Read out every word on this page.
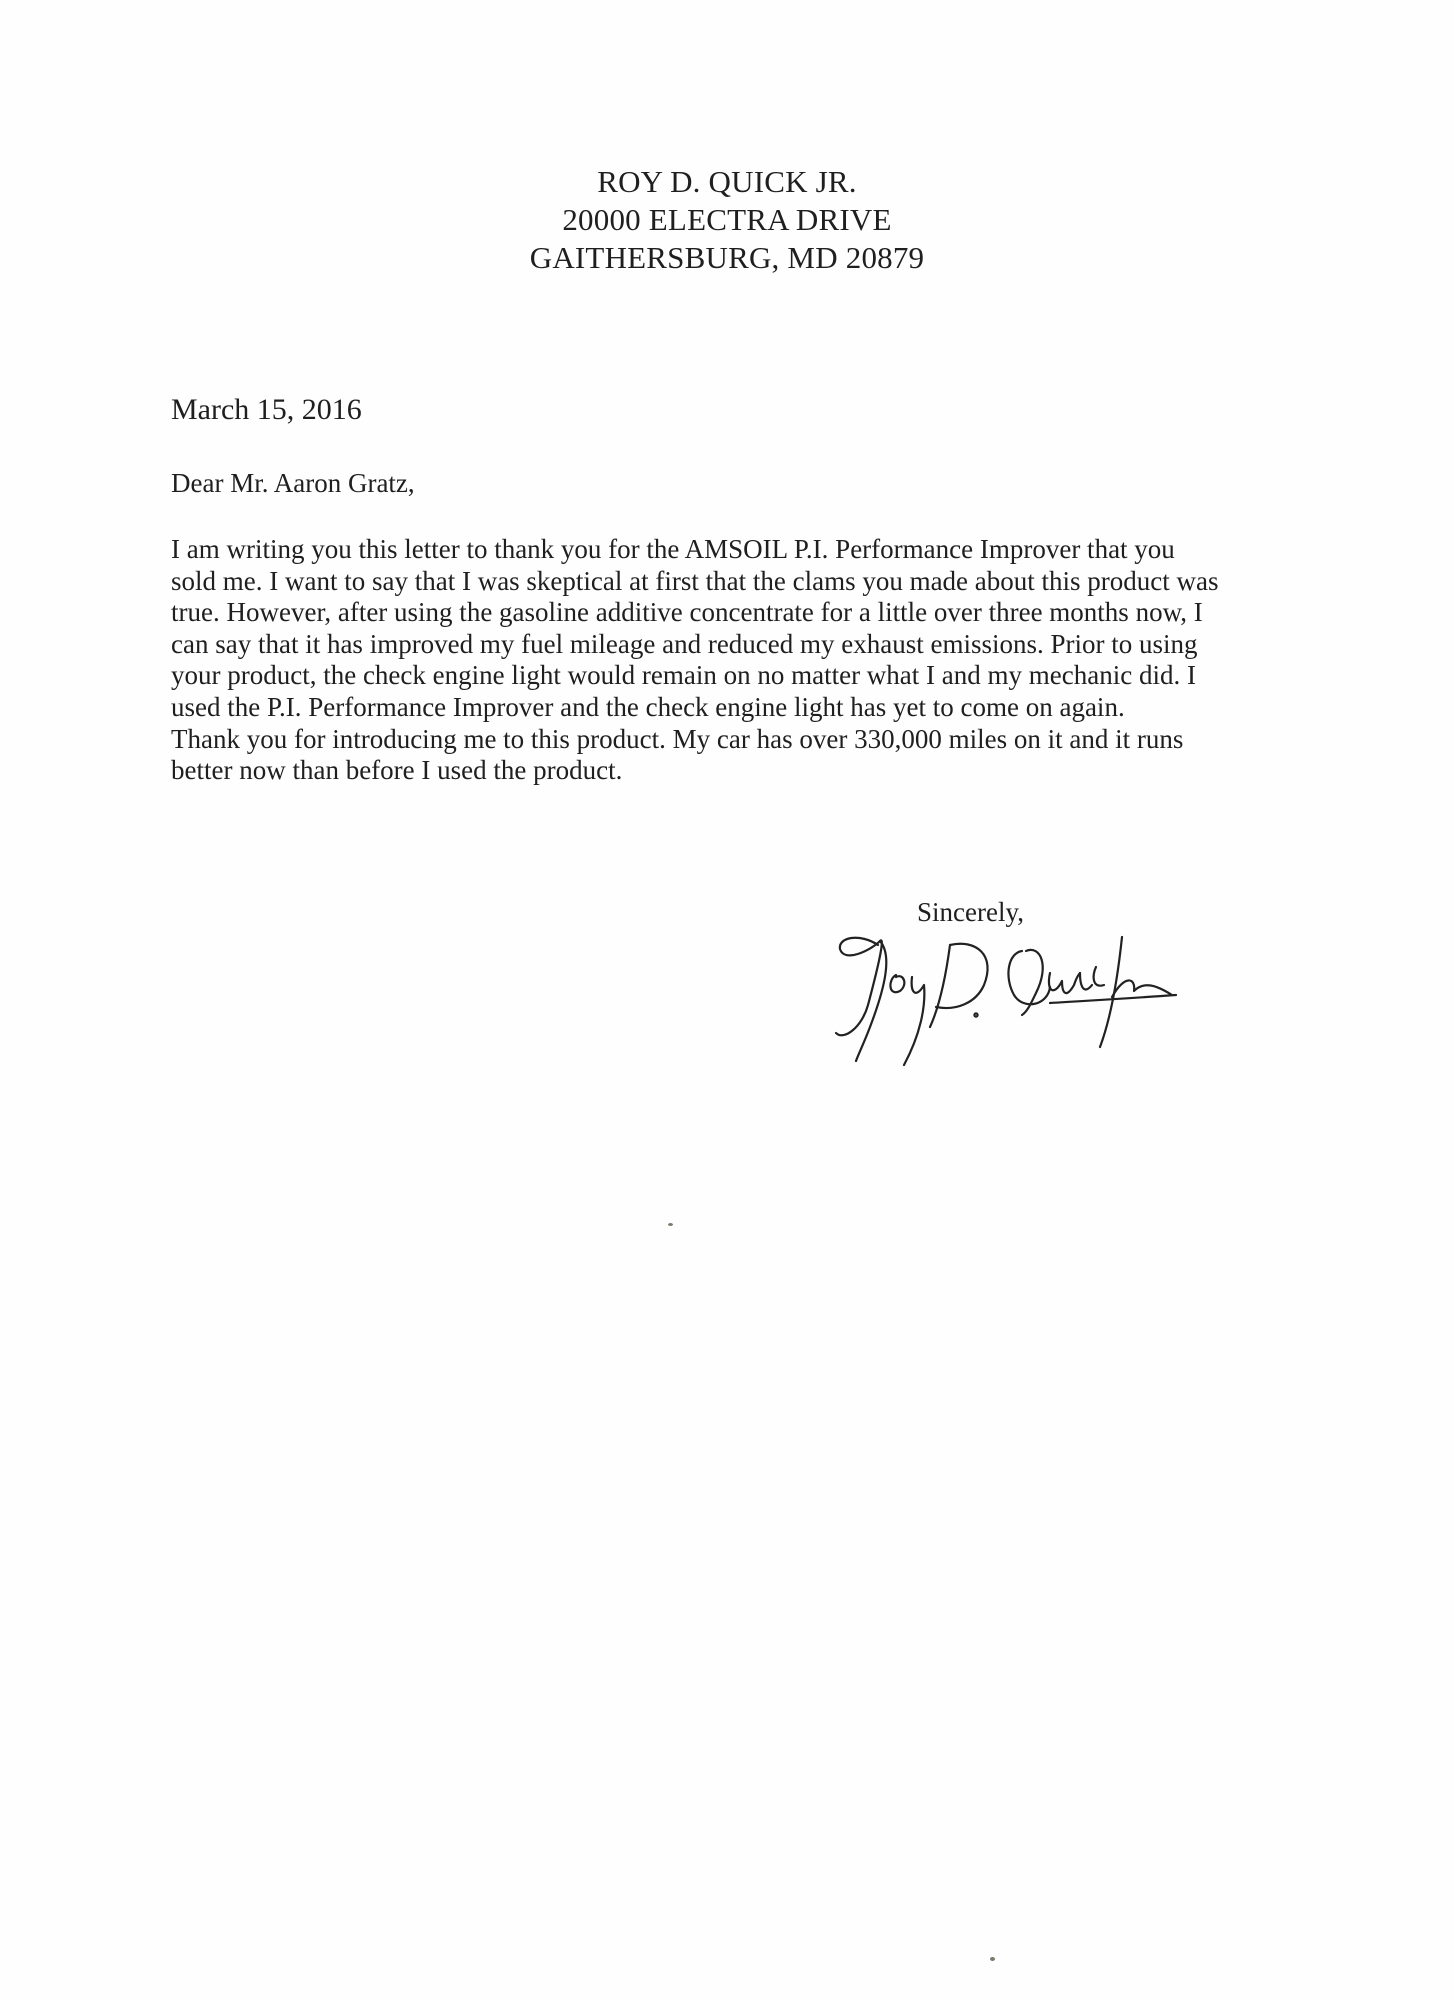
ROY D. QUICK JR.
20000 ELECTRA DRIVE
GAITHERSBURG, MD 20879
March 15, 2016
Dear Mr. Aaron Gratz,
I am writing you this letter to thank you for the AMSOIL P.I. Performance Improver that you
sold me. I want to say that I was skeptical at first that the clams you made about this product was
true. However, after using the gasoline additive concentrate for a little over three months now, I
can say that it has improved my fuel mileage and reduced my exhaust emissions. Prior to using
your product, the check engine light would remain on no matter what I and my mechanic did. I
used the P.I. Performance Improver and the check engine light has yet to come on again.
Thank you for introducing me to this product. My car has over 330,000 miles on it and it runs
better now than before I used the product.
Sincerely,
